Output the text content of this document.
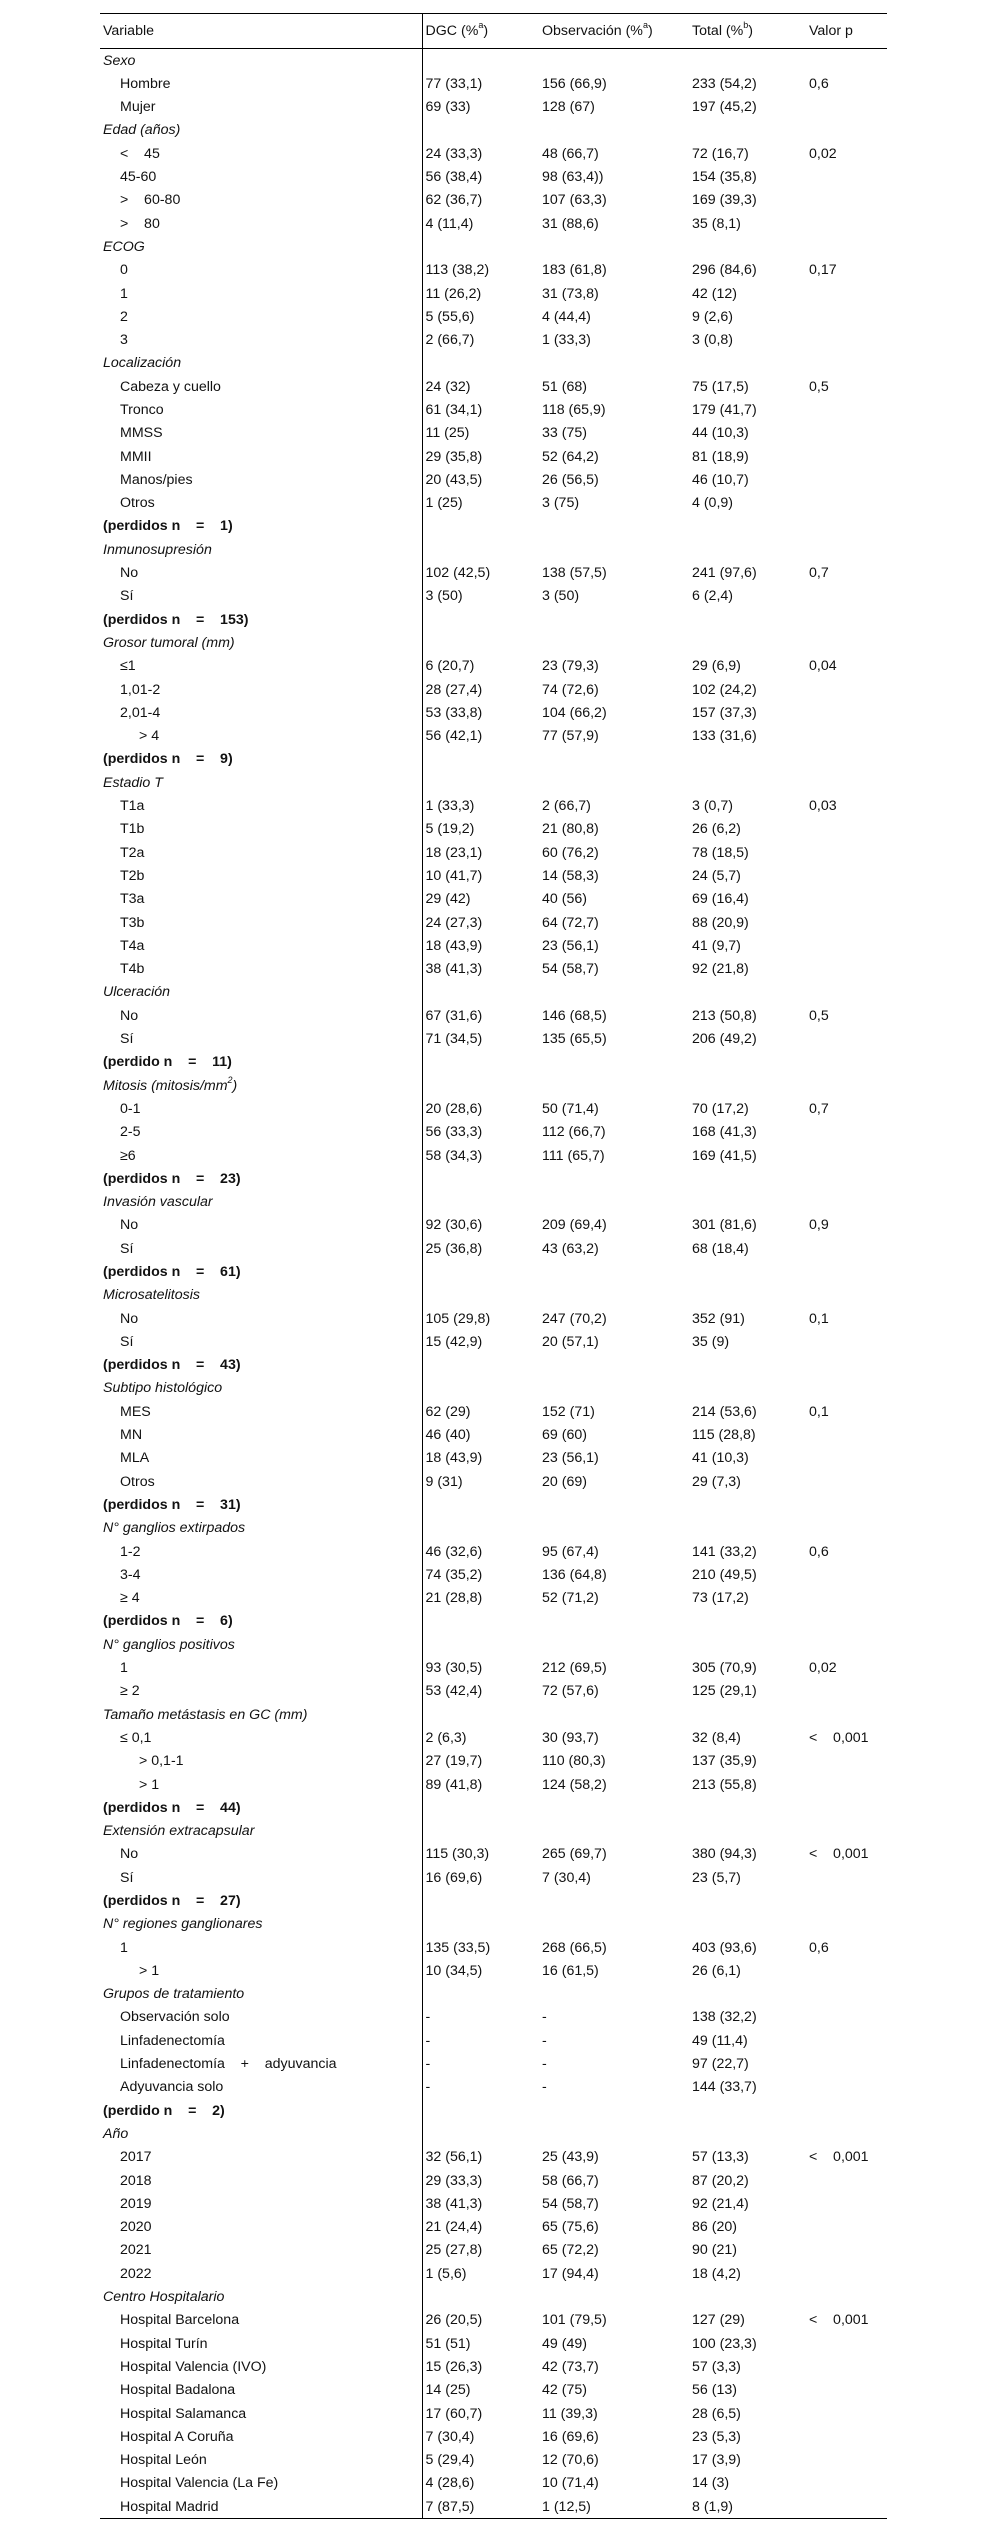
Variable	DGC (%$^a$)	Observación (%$^a$)	Total (%$^b$)	Valor p
Sexo				
Hombre	77 (33,1)	156 (66,9)	233 (54,2)	0,6
Mujer	69 (33)	128 (67)	197 (45,2)	
Edad (años)				
<    45	24 (33,3)	48 (66,7)	72 (16,7)	0,02
45-60	56 (38,4)	98 (63,4))	154 (35,8)	
>    60-80	62 (36,7)	107 (63,3)	169 (39,3)	
>    80	4 (11,4)	31 (88,6)	35 (8,1)	
ECOG				
0	113 (38,2)	183 (61,8)	296 (84,6)	0,17
1	11 (26,2)	31 (73,8)	42 (12)	
2	5 (55,6)	4 (44,4)	9 (2,6)	
3	2 (66,7)	1 (33,3)	3 (0,8)	
Localización				
Cabeza y cuello	24 (32)	51 (68)	75 (17,5)	0,5
Tronco	61 (34,1)	118 (65,9)	179 (41,7)	
MMSS	11 (25)	33 (75)	44 (10,3)	
MMII	29 (35,8)	52 (64,2)	81 (18,9)	
Manos/pies	20 (43,5)	26 (56,5)	46 (10,7)	
Otros	1 (25)	3 (75)	4 (0,9)	
(perdidos n    =    1)				
Inmunosupresión				
No	102 (42,5)	138 (57,5)	241 (97,6)	0,7
Sí	3 (50)	3 (50)	6 (2,4)	
(perdidos n    =    153)				
Grosor tumoral (mm)				
≤1	6 (20,7)	23 (79,3)	29 (6,9)	0,04
1,01-2	28 (27,4)	74 (72,6)	102 (24,2)	
2,01-4	53 (33,8)	104 (66,2)	157 (37,3)	
> 4	56 (42,1)	77 (57,9)	133 (31,6)	
(perdidos n    =    9)				
Estadio T				
T1a	1 (33,3)	2 (66,7)	3 (0,7)	0,03
T1b	5 (19,2)	21 (80,8)	26 (6,2)	
T2a	18 (23,1)	60 (76,2)	78 (18,5)	
T2b	10 (41,7)	14 (58,3)	24 (5,7)	
T3a	29 (42)	40 (56)	69 (16,4)	
T3b	24 (27,3)	64 (72,7)	88 (20,9)	
T4a	18 (43,9)	23 (56,1)	41 (9,7)	
T4b	38 (41,3)	54 (58,7)	92 (21,8)	
Ulceración				
No	67 (31,6)	146 (68,5)	213 (50,8)	0,5
Sí	71 (34,5)	135 (65,5)	206 (49,2)	
(perdido n    =    11)				
Mitosis $(mitosis/mm^2)$				
0-1	20 (28,6)	50 (71,4)	70 (17,2)	0,7
2-5	56 (33,3)	112 (66,7)	168 (41,3)	
≥6	58 (34,3)	111 (65,7)	169 (41,5)	
(perdidos n    =    23)				
Invasión vascular				
No	92 (30,6)	209 (69,4)	301 (81,6)	0,9
Sí	25 (36,8)	43 (63,2)	68 (18,4)	
(perdidos n    =    61)				
Microsatelitosis				
No	105 (29,8)	247 (70,2)	352 (91)	0,1
Sí	15 (42,9)	20 (57,1)	35 (9)	
(perdidos n    =    43)				
Subtipo histológico				
MES	62 (29)	152 (71)	214 (53,6)	0,1
MN	46 (40)	69 (60)	115 (28,8)	
MLA	18 (43,9)	23 (56,1)	41 (10,3)	
Otros	9 (31)	20 (69)	29 (7,3)	
(perdidos n    =    31)				
N° ganglios extirpados				
1-2	46 (32,6)	95 (67,4)	141 (33,2)	0,6
3-4	74 (35,2)	136 (64,8)	210 (49,5)	
≥ 4	21 (28,8)	52 (71,2)	73 (17,2)	
(perdidos n    =    6)				
N° ganglios positivos				
1	93 (30,5)	212 (69,5)	305 (70,9)	0,02
≥ 2	53 (42,4)	72 (57,6)	125 (29,1)	
Tamaño metástasis en GC (mm)				
≤ 0,1	2 (6,3)	30 (93,7)	32 (8,4)	<    0,001
> 0,1-1	27 (19,7)	110 (80,3)	137 (35,9)	
> 1	89 (41,8)	124 (58,2)	213 (55,8)	
(perdidos n    =    44)				
Extensión extracapsular				
No	115 (30,3)	265 (69,7)	380 (94,3)	<    0,001
Sí	16 (69,6)	7 (30,4)	23 (5,7)	
(perdidos n    =    27)				
N° regiones ganglionares				
1	135 (33,5)	268 (66,5)	403 (93,6)	0,6
> 1	10 (34,5)	16 (61,5)	26 (6,1)	
Grupos de tratamiento				
Observación solo	-	-	138 (32,2)	
Linfadenectomía	-	-	49 (11,4)	
Linfadenectomía    +    adyuvancia	-	-	97 (22,7)	
Adyuvancia solo	-	-	144 (33,7)	
(perdido n    =    2)				
Año				
2017	32 (56,1)	25 (43,9)	57 (13,3)	<    0,001
2018	29 (33,3)	58 (66,7)	87 (20,2)	
2019	38 (41,3)	54 (58,7)	92 (21,4)	
2020	21 (24,4)	65 (75,6)	86 (20)	
2021	25 (27,8)	65 (72,2)	90 (21)	
2022	1 (5,6)	17 (94,4)	18 (4,2)	
Centro Hospitalario				
Hospital Barcelona	26 (20,5)	101 (79,5)	127 (29)	<    0,001
Hospital Turín	51 (51)	49 (49)	100 (23,3)	
Hospital Valencia (IVO)	15 (26,3)	42 (73,7)	57 (3,3)	
Hospital Badalona	14 (25)	42 (75)	56 (13)	
Hospital Salamanca	17 (60,7)	11 (39,3)	28 (6,5)	
Hospital A Coruña	7 (30,4)	16 (69,6)	23 (5,3)	
Hospital León	5 (29,4)	12 (70,6)	17 (3,9)	
Hospital Valencia (La Fe)	4 (28,6)	10 (71,4)	14 (3)	
Hospital Madrid	7 (87,5)	1 (12,5)	8 (1,9)	
